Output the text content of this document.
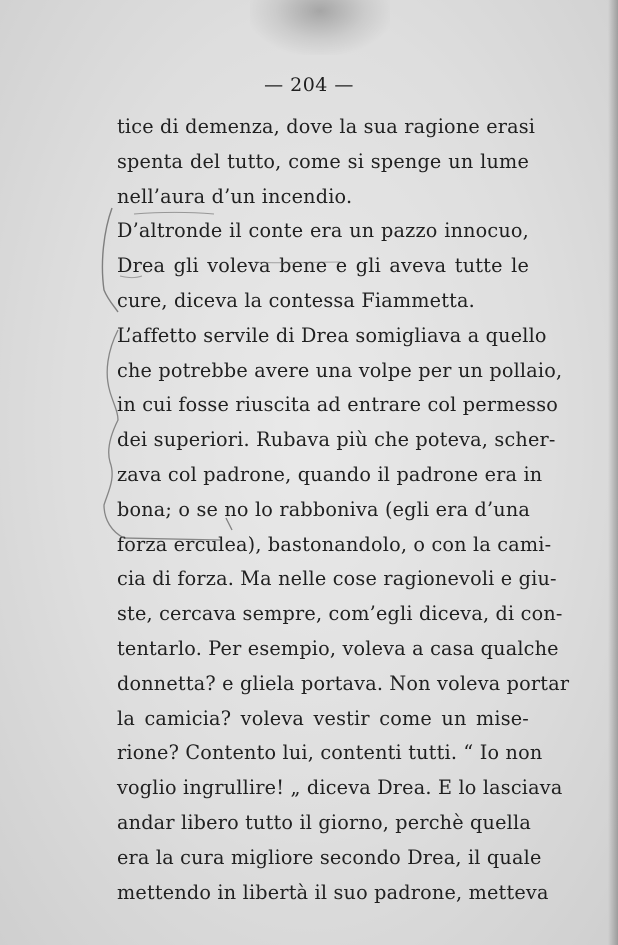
— 204 —
tice di demenza, dove la sua ragione erasi
spenta del tutto, come si spenge un lume
nell’aura d’un incendio.
D’altronde il conte era un pazzo innocuo,
Drea gli voleva bene e gli aveva tutte le
cure, diceva la contessa Fiammetta.
L’affetto servile di Drea somigliava a quello
che potrebbe avere una volpe per un pollaio,
in cui fosse riuscita ad entrare col permesso
dei superiori. Rubava più che poteva, scher-
zava col padrone, quando il padrone era in
bona; o se no lo rabboniva (egli era d’una
forza erculea), bastonandolo, o con la cami-
cia di forza. Ma nelle cose ragionevoli e giu-
ste, cercava sempre, com’egli diceva, di con-
tentarlo. Per esempio, voleva a casa qualche
donnetta? e gliela portava. Non voleva portar
la camicia? voleva vestir come un mise-
rione? Contento lui, contenti tutti. “ Io non
voglio ingrullire! „ diceva Drea. E lo lasciava
andar libero tutto il giorno, perchè quella
era la cura migliore secondo Drea, il quale
mettendo in libertà il suo padrone, metteva
